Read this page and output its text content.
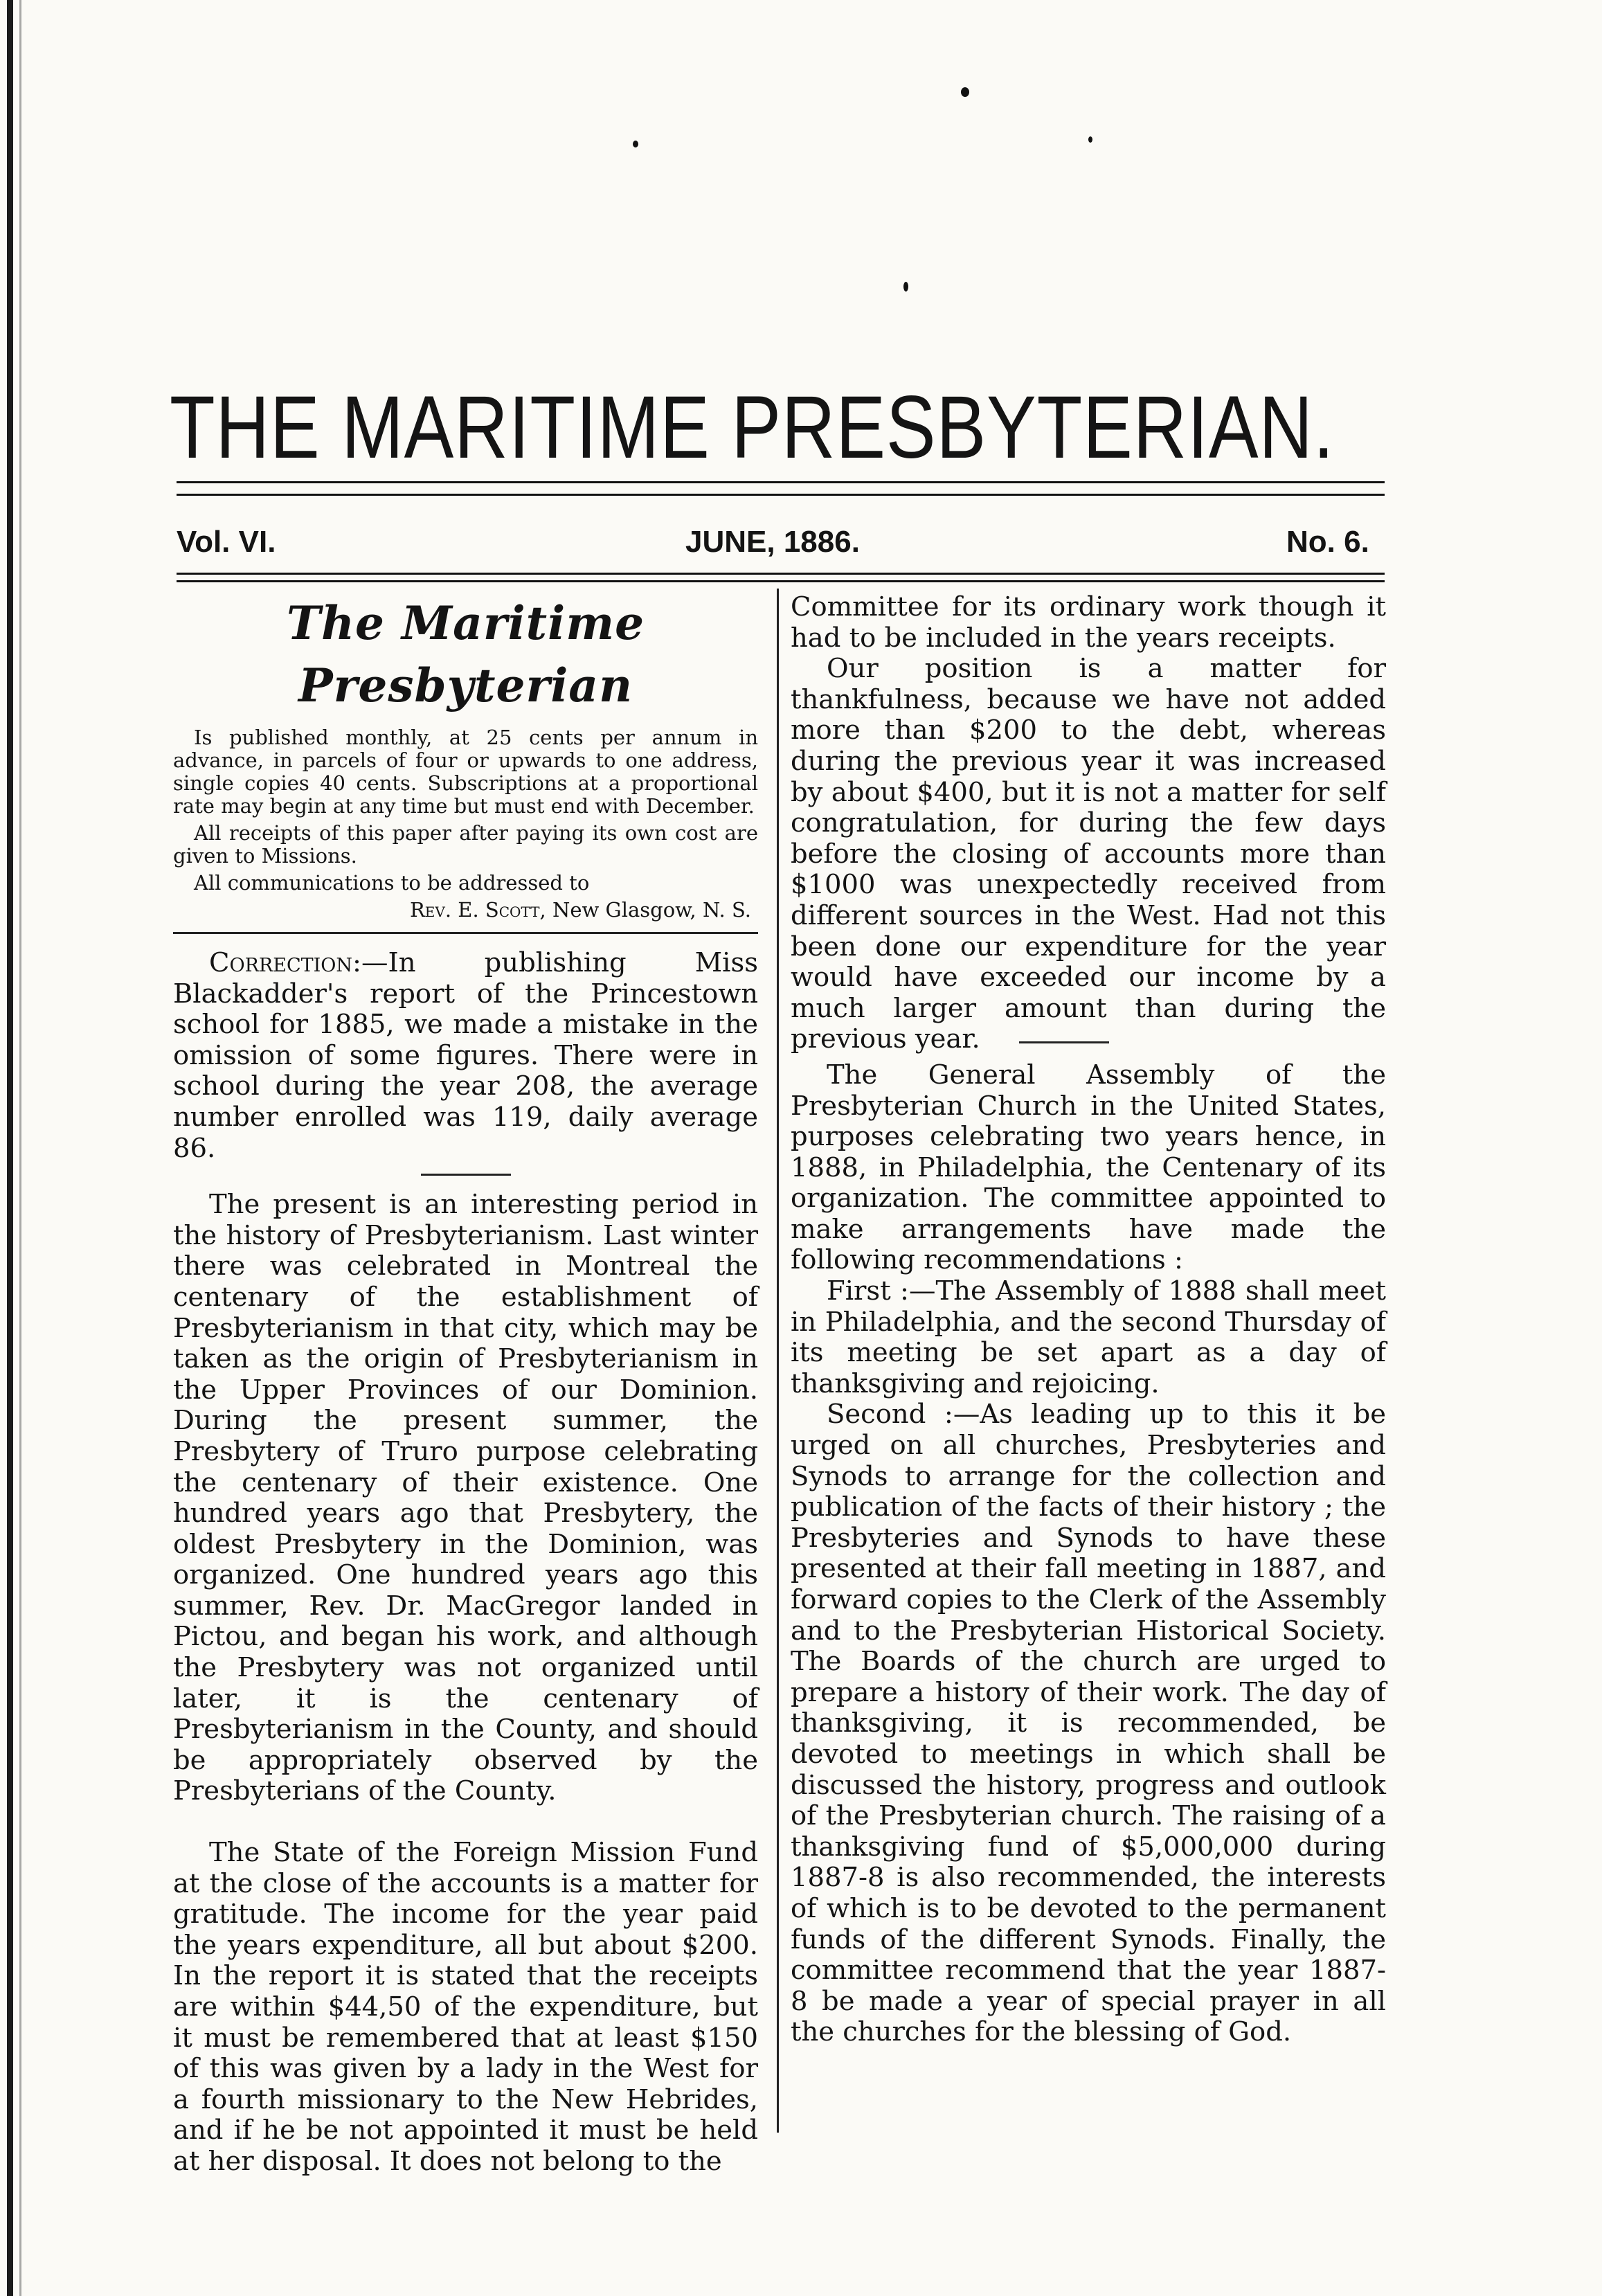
THE MARITIME PRESBYTERIAN.
Vol. VI.	JUNE, 1886.	No. 6.
The Maritime Presbyterian

Is published monthly, at 25 cents per annum in advance, in parcels of four or upwards to one address, single copies 40 cents. Subscriptions at a proportional rate may begin at any time but must end with December.

All receipts of this paper after paying its own cost are given to Missions.

All communications to be addressed to

Rev. E. Scott, New Glasgow, N. S.

Correction:—In publishing Miss Blackadder's report of the Princestown school for 1885, we made a mistake in the omission of some figures. There were in school during the year 208, the average number enrolled was 119, daily average 86.

The present is an interesting period in the history of Presbyterianism. Last winter there was celebrated in Montreal the centenary of the establishment of Presbyterianism in that city, which may be taken as the origin of Presbyterianism in the Upper Provinces of our Dominion. During the present summer, the Presbytery of Truro purpose celebrating the centenary of their existence. One hundred years ago that Presbytery, the oldest Presbytery in the Dominion, was organized. One hundred years ago this summer, Rev. Dr. MacGregor landed in Pictou, and began his work, and although the Presbytery was not organized until later, it is the centenary of Presbyterianism in the County, and should be appropriately observed by the Presbyterians of the County.

The State of the Foreign Mission Fund at the close of the accounts is a matter for gratitude. The income for the year paid the years expenditure, all but about $200. In the report it is stated that the receipts are within $44,50 of the expenditure, but it must be remembered that at least $150 of this was given by a lady in the West for a fourth missionary to the New Hebrides, and if he be not appointed it must be held at her disposal. It does not belong to the

Committee for its ordinary work though it had to be included in the years receipts.

Our position is a matter for thankfulness, because we have not added more than $200 to the debt, whereas during the previous year it was increased by about $400, but it is not a matter for self congratulation, for during the few days before the closing of accounts more than $1000 was unexpectedly received from different sources in the West. Had not this been done our expenditure for the year would have exceeded our income by a much larger amount than during the previous year.

The General Assembly of the Presbyterian Church in the United States, purposes celebrating two years hence, in 1888, in Philadelphia, the Centenary of its organization. The committee appointed to make arrangements have made the following recommendations :

First :—The Assembly of 1888 shall meet in Philadelphia, and the second Thursday of its meeting be set apart as a day of thanksgiving and rejoicing.

Second :—As leading up to this it be urged on all churches, Presbyteries and Synods to arrange for the collection and publication of the facts of their history ; the Presbyteries and Synods to have these presented at their fall meeting in 1887, and forward copies to the Clerk of the Assembly and to the Presbyterian Historical Society. The Boards of the church are urged to prepare a history of their work. The day of thanksgiving, it is recommended, be devoted to meetings in which shall be discussed the history, progress and outlook of the Presbyterian church. The raising of a thanksgiving fund of $5,000,000 during 1887-8 is also recommended, the interests of which is to be devoted to the permanent funds of the different Synods. Finally, the committee recommend that the year 1887-8 be made a year of special prayer in all the churches for the blessing of God.
